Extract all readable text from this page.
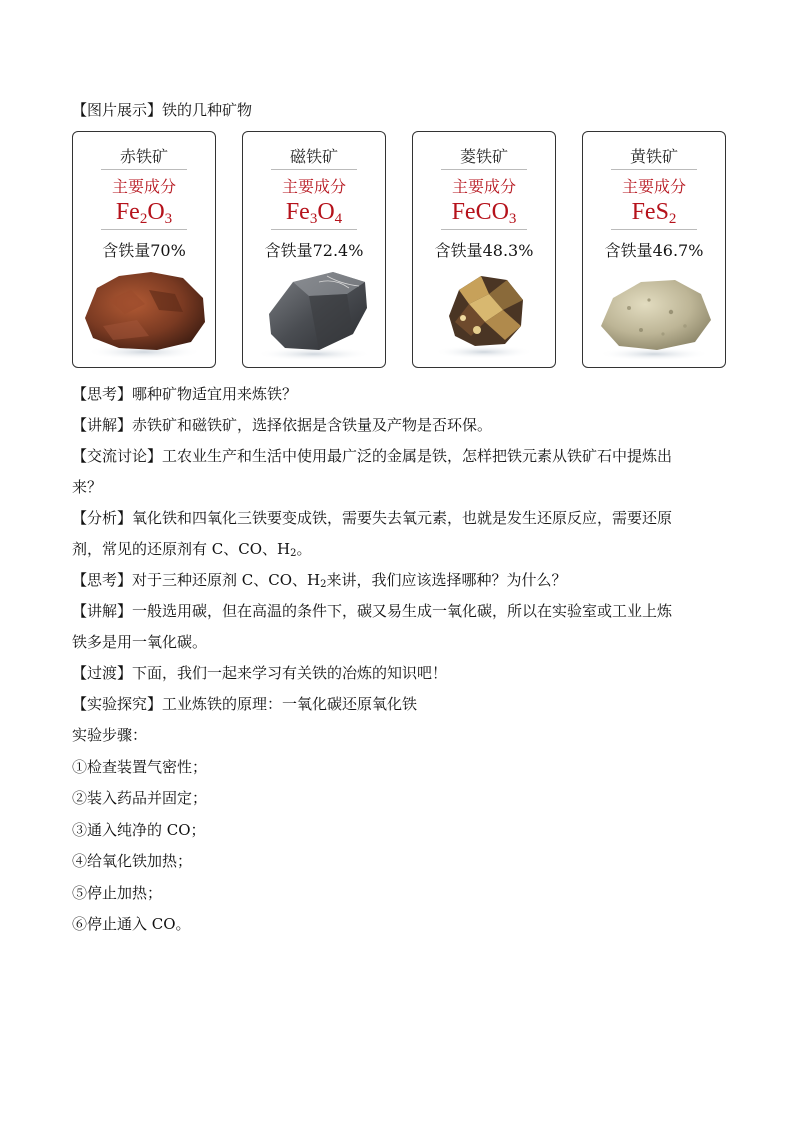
【图片展示】铁的几种矿物
赤铁矿
主要成分
$Fe_2O_3$
含铁量70%
磁铁矿
主要成分
$Fe_3O_4$
含铁量72.4%
菱铁矿
主要成分
FeCO$_3$
含铁量48.3%
黄铁矿
主要成分
FeS$_2$
含铁量46.7%
【思考】哪种矿物适宜用来炼铁？
【讲解】赤铁矿和磁铁矿，选择依据是含铁量及产物是否环保。
【交流讨论】工农业生产和生活中使用最广泛的金属是铁，怎样把铁元素从铁矿石中提炼出
来？
【分析】氧化铁和四氧化三铁要变成铁，需要失去氧元素，也就是发生还原反应，需要还原
剂，常见的还原剂有 C、CO、$H_2$。
【思考】对于三种还原剂 C、CO、$H_2$来讲，我们应该选择哪种？为什么？
【讲解】一般选用碳，但在高温的条件下，碳又易生成一氧化碳，所以在实验室或工业上炼
铁多是用一氧化碳。
【过渡】下面，我们一起来学习有关铁的冶炼的知识吧！
【实验探究】工业炼铁的原理：一氧化碳还原氧化铁
实验步骤：
①检查装置气密性；
②装入药品并固定；
③通入纯净的 CO；
④给氧化铁加热；
⑤停止加热；
⑥停止通入 CO。
